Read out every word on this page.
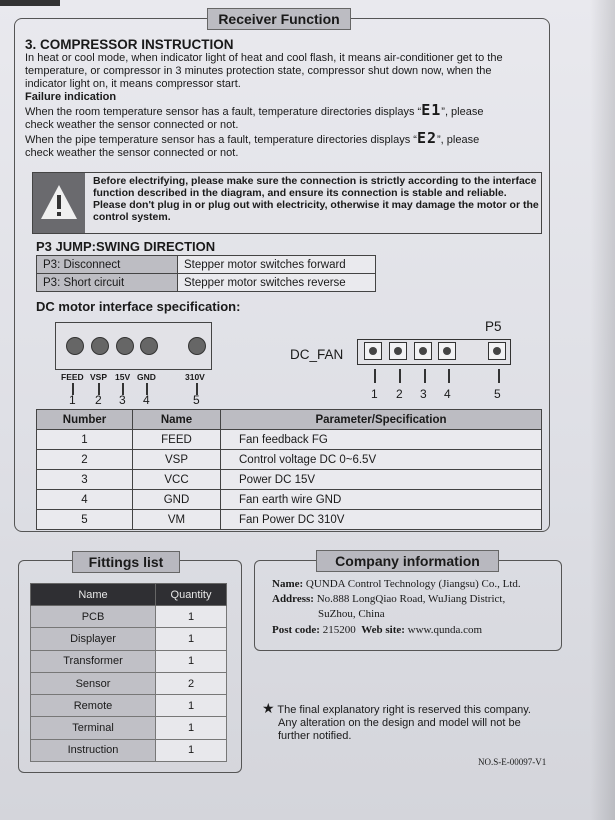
Receiver Function
3. COMPRESSOR INSTRUCTION
In heat or cool mode, when indicator light of heat and cool flash, it means air-conditioner get to the
temperature, or compressor in 3 minutes protection state, compressor shut down now, when the
indicator light on, it means compressor start.
Failure indication
When the room temperature sensor has a fault, temperature directories displays “E1”, please
check weather the sensor connected or not.
When the pipe temperature sensor has a fault, temperature directories displays “E2”, please
check weather the sensor connected or not.
Before electrifying, please make sure the connection is strictly according to the interface
function described in the diagram, and ensure its connection is stable and reliable.
Please don't plug in or plug out with electricity, otherwise it may damage the motor or the
control system.
P3 JUMP:SWING DIRECTION
P3: Disconnect	Stepper motor switches forward
P3: Short circuit	Stepper motor switches reverse
DC motor interface specification:
FEED VSP 15V GND	310V
1 2 3 4	5
DC_FAN
P5
1 2 3 4	5
Number	Name	Parameter/Specification
1	FEED	Fan feedback FG
2	VSP	Control voltage DC 0~6.5V
3	VCC	Power DC 15V
4	GND	Fan earth wire GND
5	VM	Fan Power DC 310V
Fittings list
Name	Quantity
PCB	1
Displayer	1
Transformer	1
Sensor	2
Remote	1
Terminal	1
Instruction	1
Company information
Name: QUNDA Control Technology (Jiangsu) Co., Ltd.
Address: No.888 LongQiao Road, WuJiang District,
SuZhou, China
Post code: 215200 Web site: www.qunda.com
★ The final explanatory right is reserved this company.
Any alteration on the design and model will not be
further notified.
NO.S-E-00097-V1
